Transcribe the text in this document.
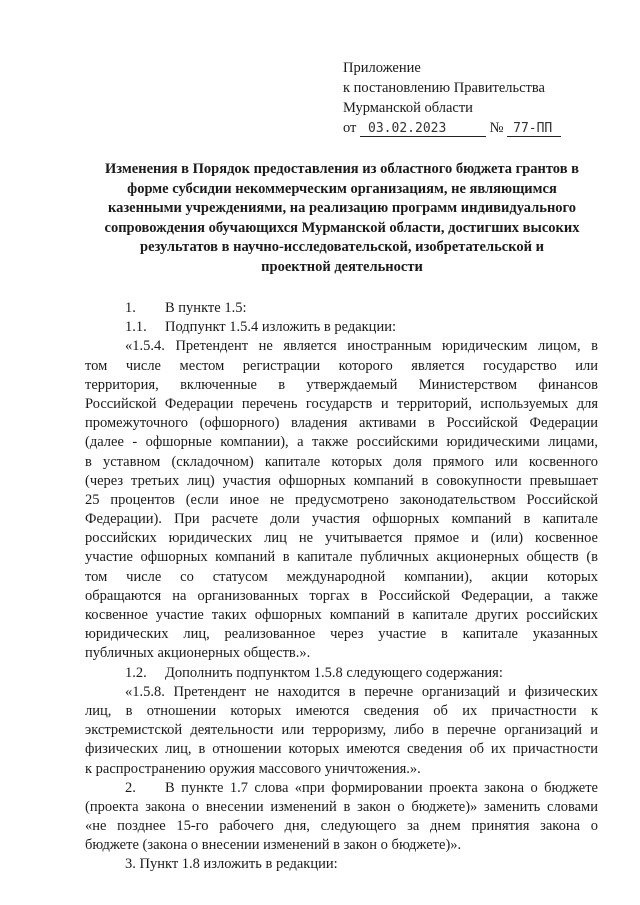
Приложение
к постановлению Правительства
Мурманской области
от 03.02.2023	№ 77-ПП
Изменения в Порядок предоставления из областного бюджета грантов в
форме субсидии некоммерческим организациям, не являющимся
казенными учреждениями, на реализацию программ индивидуального
сопровождения обучающихся Мурманской области, достигших высоких
результатов в научно-исследовательской, изобретательской и
проектной деятельности
1. В пункте 1.5:
1.1. Подпункт 1.5.4 изложить в редакции:
«1.5.4. Претендент не является иностранным юридическим лицом, в
том числе местом регистрации которого является государство или
территория, включенные в утверждаемый Министерством финансов
Российской Федерации перечень государств и территорий, используемых для
промежуточного (офшорного) владения активами в Российской Федерации
(далее - офшорные компании), а также российскими юридическими лицами,
в уставном (складочном) капитале которых доля прямого или косвенного
(через третьих лиц) участия офшорных компаний в совокупности превышает
25 процентов (если иное не предусмотрено законодательством Российской
Федерации). При расчете доли участия офшорных компаний в капитале
российских юридических лиц не учитывается прямое и (или) косвенное
участие офшорных компаний в капитале публичных акционерных обществ (в
том числе со статусом международной компании), акции которых
обращаются на организованных торгах в Российской Федерации, а также
косвенное участие таких офшорных компаний в капитале других российских
юридических лиц, реализованное через участие в капитале указанных
публичных акционерных обществ.».
1.2. Дополнить подпунктом 1.5.8 следующего содержания:
«1.5.8. Претендент не находится в перечне организаций и физических
лиц, в отношении которых имеются сведения об их причастности к
экстремистской деятельности или терроризму, либо в перечне организаций и
физических лиц, в отношении которых имеются сведения об их причастности
к распространению оружия массового уничтожения.».
2. В пункте 1.7 слова «при формировании проекта закона о бюджете
(проекта закона о внесении изменений в закон о бюджете)» заменить словами
«не позднее 15-го рабочего дня, следующего за днем принятия закона о
бюджете (закона о внесении изменений в закон о бюджете)».
3. Пункт 1.8 изложить в редакции:
